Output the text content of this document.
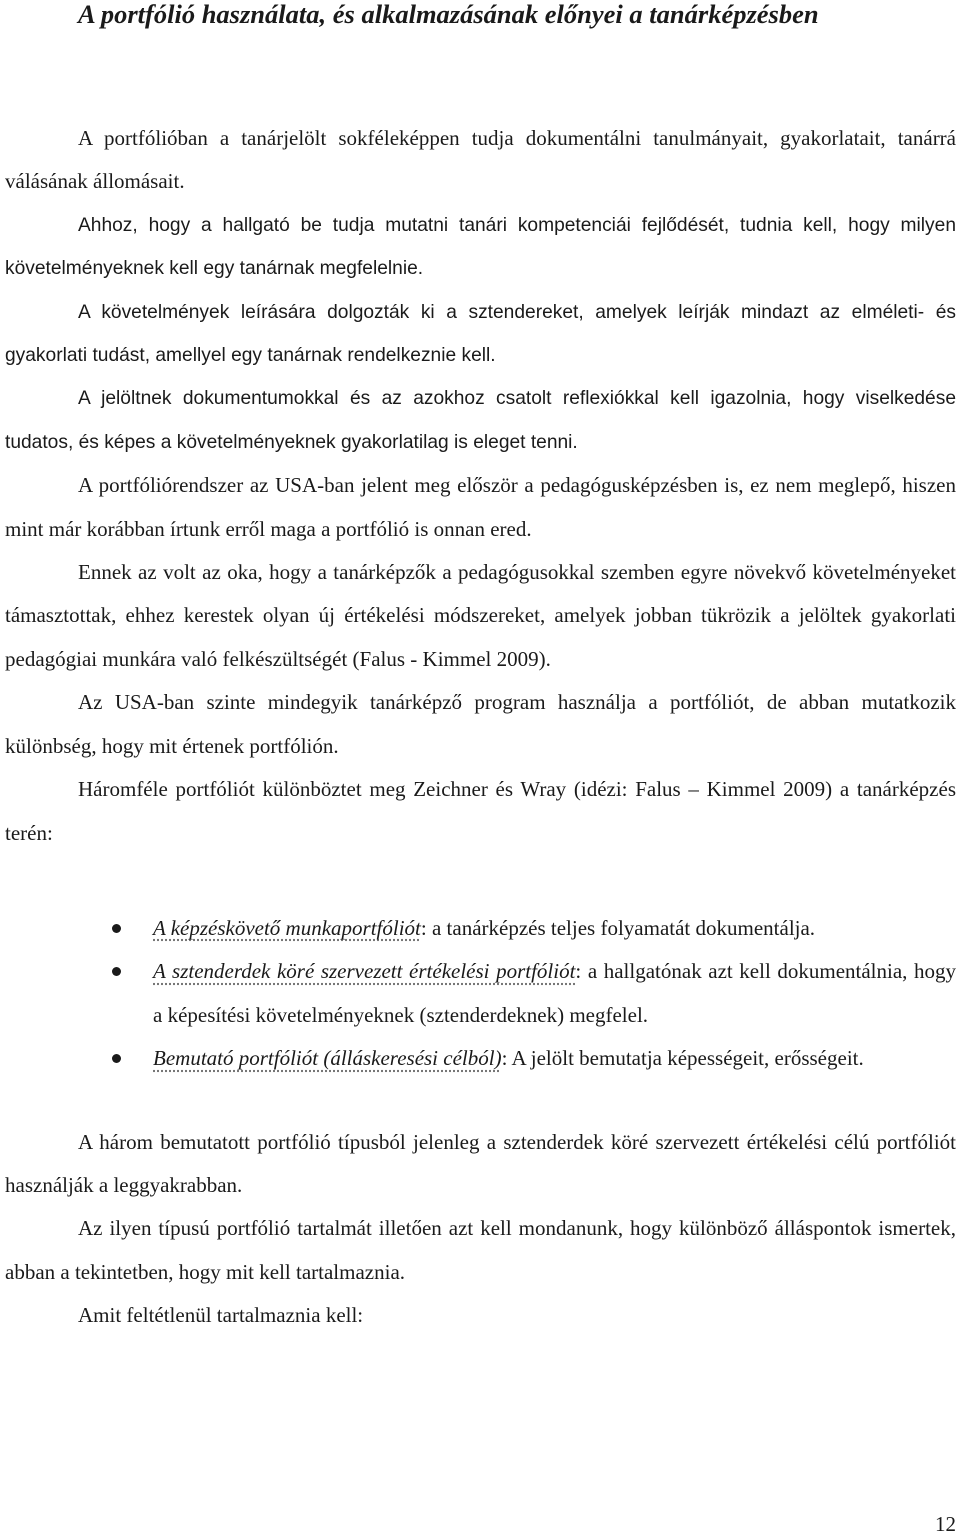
A portfólió használata, és alkalmazásának előnyei a tanárképzésben

A portfólióban a tanárjelölt sokféleképpen tudja dokumentálni tanulmányait, gyakorlatait, tanárrá válásának állomásait.

Ahhoz, hogy a hallgató be tudja mutatni tanári kompetenciái fejlődését, tudnia kell, hogy milyen követelményeknek kell egy tanárnak megfelelnie.

A követelmények leírására dolgozták ki a sztendereket, amelyek leírják mindazt az elméleti- és gyakorlati tudást, amellyel egy tanárnak rendelkeznie kell.

A jelöltnek dokumentumokkal és az azokhoz csatolt reflexiókkal kell igazolnia, hogy viselkedése tudatos, és képes a követelményeknek gyakorlatilag is eleget tenni.

A portfóliórendszer az USA-ban jelent meg először a pedagógusképzésben is, ez nem meglepő, hiszen mint már korábban írtunk erről maga a portfólió is onnan ered.

Ennek az volt az oka, hogy a tanárképzők a pedagógusokkal szemben egyre növekvő követelményeket támasztottak, ehhez kerestek olyan új értékelési módszereket, amelyek jobban tükrözik a jelöltek gyakorlati pedagógiai munkára való felkészültségét (Falus - Kimmel 2009).

Az USA-ban szinte mindegyik tanárképző program használja a portfóliót, de abban mutatkozik különbség, hogy mit értenek portfólión.

Háromféle portfóliót különböztet meg Zeichner és Wray (idézi: Falus – Kimmel 2009) a tanárképzés terén:

A képzéskövető munkaportfóliót: a tanárképzés teljes folyamatát dokumentálja.
A sztenderdek köré szervezett értékelési portfóliót: a hallgatónak azt kell dokumentálnia, hogy a képesítési követelményeknek (sztenderdeknek) megfelel.
Bemutató portfóliót (álláskeresési célból): A jelölt bemutatja képességeit, erősségeit.

A három bemutatott portfólió típusból jelenleg a sztenderdek köré szervezett értékelési célú portfóliót használják a leggyakrabban.

Az ilyen típusú portfólió tartalmát illetően azt kell mondanunk, hogy különböző álláspontok ismertek, abban a tekintetben, hogy mit kell tartalmaznia.

Amit feltétlenül tartalmaznia kell:

12
